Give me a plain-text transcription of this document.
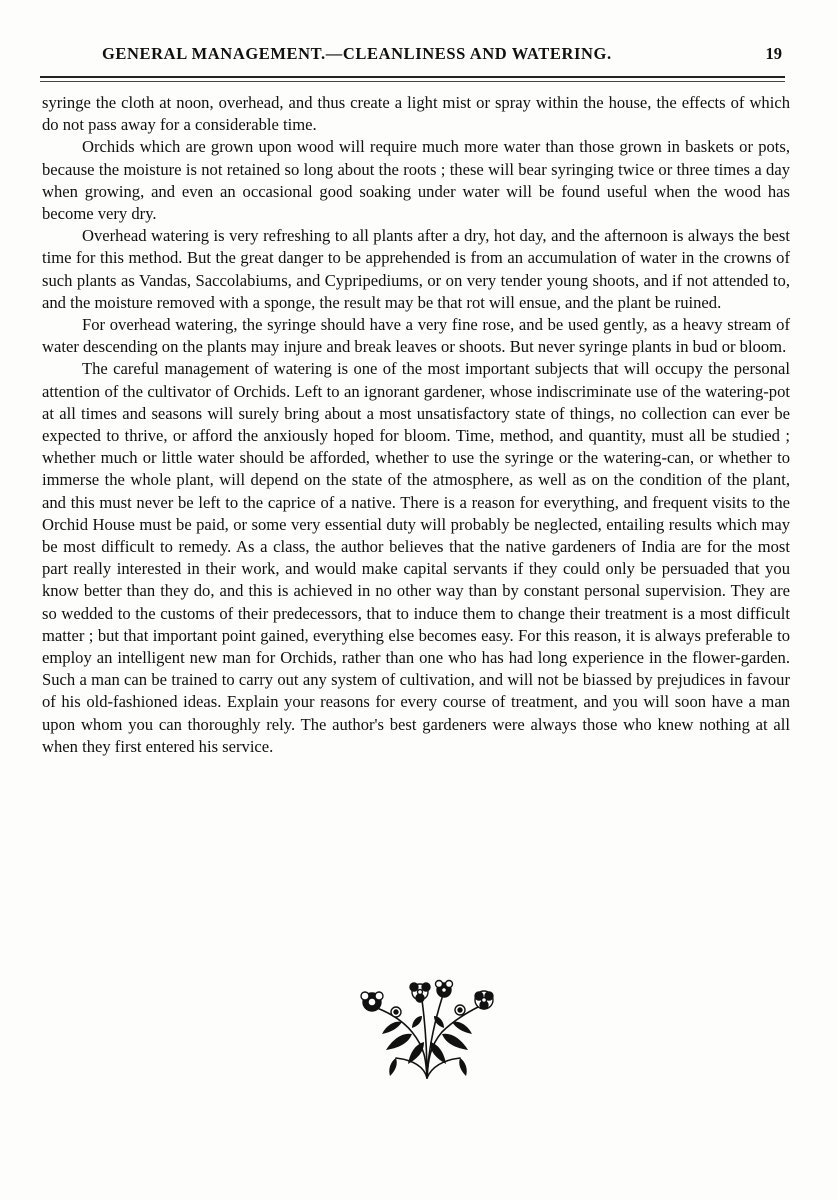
GENERAL MANAGEMENT.—CLEANLINESS AND WATERING.	19

syringe the cloth at noon, overhead, and thus create a light mist or spray within the house, the effects of which do not pass away for a considerable time.

Orchids which are grown upon wood will require much more water than those grown in baskets or pots, because the moisture is not retained so long about the roots ; these will bear syringing twice or three times a day when growing, and even an occasional good soaking under water will be found useful when the wood has become very dry.

Overhead watering is very refreshing to all plants after a dry, hot day, and the afternoon is always the best time for this method. But the great danger to be apprehended is from an accumulation of water in the crowns of such plants as Vandas, Saccolabiums, and Cypripediums, or on very tender young shoots, and if not attended to, and the moisture removed with a sponge, the result may be that rot will ensue, and the plant be ruined.

For overhead watering, the syringe should have a very fine rose, and be used gently, as a heavy stream of water descending on the plants may injure and break leaves or shoots. But never syringe plants in bud or bloom.

The careful management of watering is one of the most important subjects that will occupy the personal attention of the cultivator of Orchids. Left to an ignorant gardener, whose indiscriminate use of the watering-pot at all times and seasons will surely bring about a most unsatisfactory state of things, no collection can ever be expected to thrive, or afford the anxiously hoped for bloom. Time, method, and quantity, must all be studied ; whether much or little water should be afforded, whether to use the syringe or the watering-can, or whether to immerse the whole plant, will depend on the state of the atmosphere, as well as on the condition of the plant, and this must never be left to the caprice of a native. There is a reason for everything, and frequent visits to the Orchid House must be paid, or some very essential duty will probably be neglected, entailing results which may be most difficult to remedy. As a class, the author believes that the native gardeners of India are for the most part really interested in their work, and would make capital servants if they could only be persuaded that you know better than they do, and this is achieved in no other way than by constant personal supervision. They are so wedded to the customs of their predecessors, that to induce them to change their treatment is a most difficult matter ; but that important point gained, everything else becomes easy. For this reason, it is always preferable to employ an intelligent new man for Orchids, rather than one who has had long experience in the flower-garden. Such a man can be trained to carry out any system of cultivation, and will not be biassed by prejudices in favour of his old-fashioned ideas. Explain your reasons for every course of treatment, and you will soon have a man upon whom you can thoroughly rely. The author's best gardeners were always those who knew nothing at all when they first entered his service.
